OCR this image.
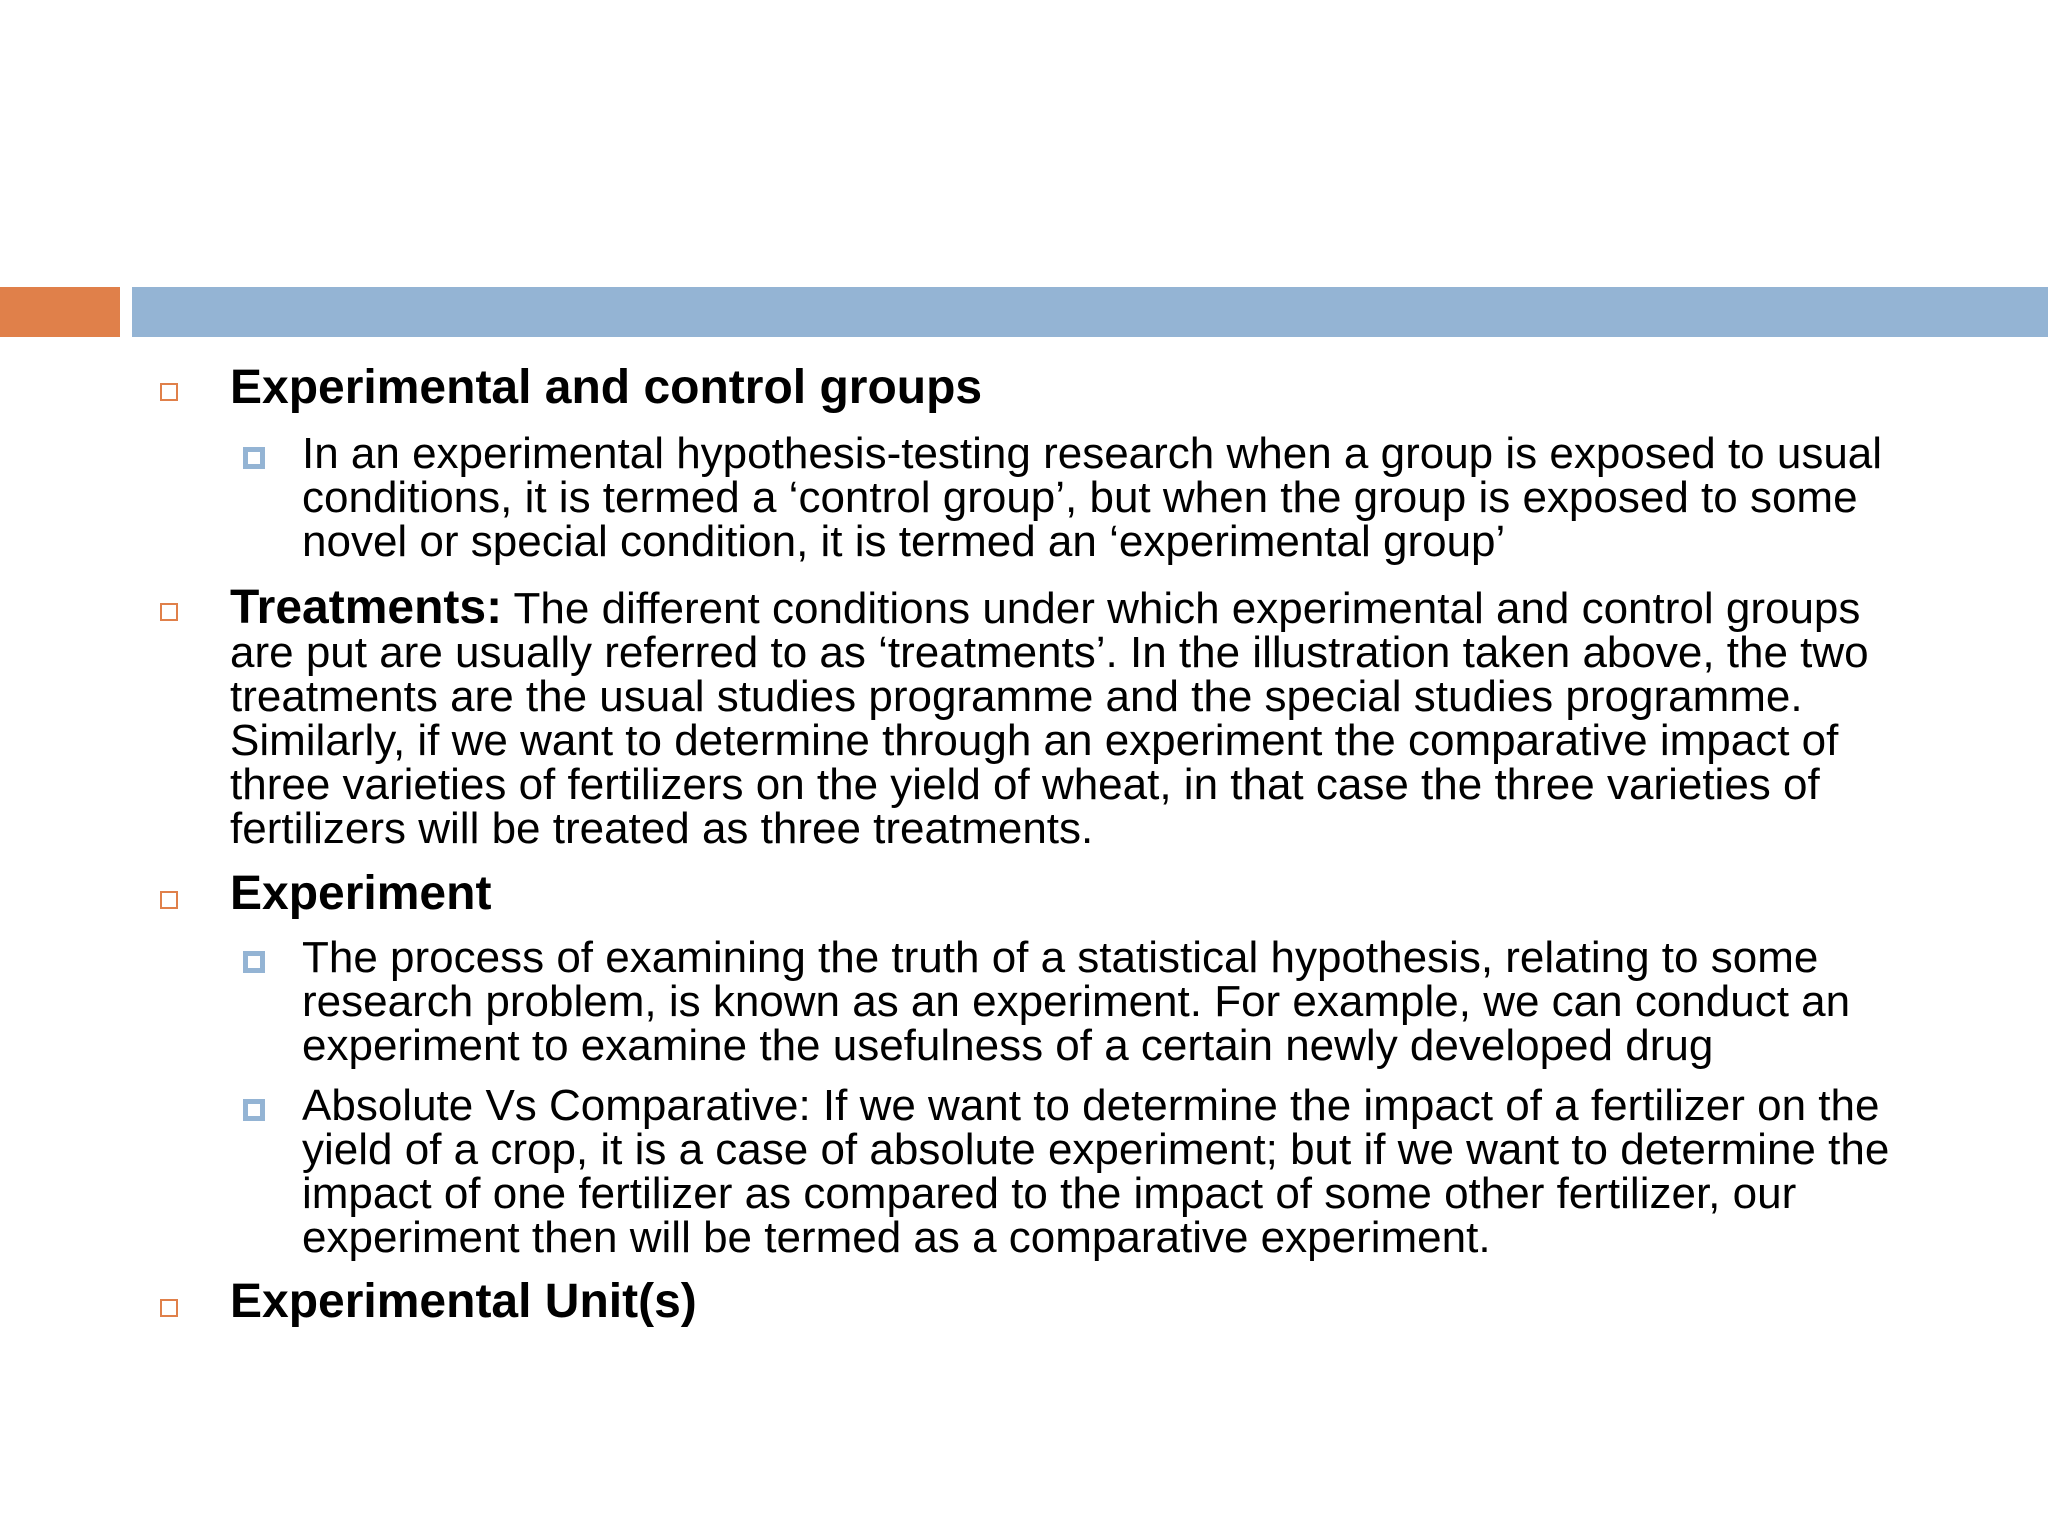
Experimental and control groups
In an experimental hypothesis-testing research when a group is exposed to usual conditions, it is termed a ‘control group’, but when the group is exposed to some novel or special condition, it is termed an ‘experimental group’
Treatments: The different conditions under which experimental and control groups are put are usually referred to as ‘treatments’. In the illustration taken above, the two treatments are the usual studies programme and the special studies programme. Similarly, if we want to determine through an experiment the comparative impact of three varieties of fertilizers on the yield of wheat, in that case the three varieties of fertilizers will be treated as three treatments.
Experiment
The process of examining the truth of a statistical hypothesis, relating to some research problem, is known as an experiment. For example, we can conduct an experiment to examine the usefulness of a certain newly developed drug
Absolute Vs Comparative: If we want to determine the impact of a fertilizer on the yield of a crop, it is a case of absolute experiment; but if we want to determine the impact of one fertilizer as compared to the impact of some other fertilizer, our experiment then will be termed as a comparative experiment.
Experimental Unit(s)
